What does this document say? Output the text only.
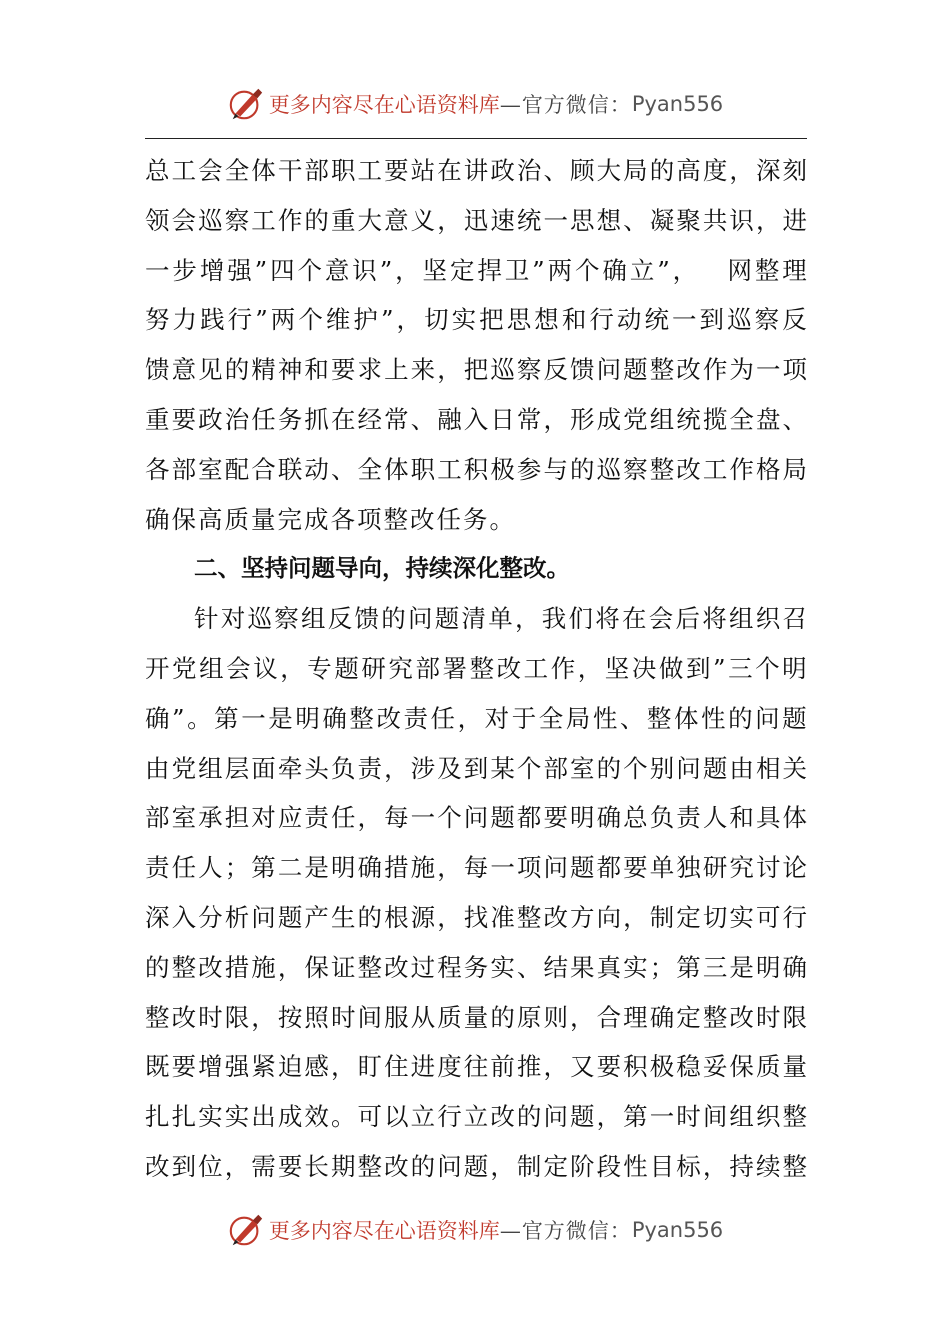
更多内容尽在心语资料库 —官方微信： Pyan556
总 工 会 全 体 干 部 职 工 要 站 在 讲 政 治 、 顾 大 局 的 高 度 ， 深 刻
领 会 巡 察 工 作 的 重 大 意 义 ， 迅 速 统 一 思 想 、 凝 聚 共 识 ， 进
一 步 增 强 ” 四 个 意 识 ” ， 坚 定 捍 卫 ” 两 个 确 立 ” ，
　 网 整 理
努 力 践 行 ” 两 个 维 护 ” ， 切 实 把 思 想 和 行 动 统 一 到 巡 察 反
馈 意 见 的 精 神 和 要 求 上 来 ， 把 巡 察 反 馈 问 题 整 改 作 为 一 项
重 要 政 治 任 务 抓 在 经 常 、 融 入 日 常 ， 形 成 党 组 统 揽 全 盘 、
各 部 室 配 合 联 动 、 全 体 职 工 积 极 参 与 的 巡 察 整 改 工 作 格 局
确保高质量完成各项整改任务。
二、坚持问题导向，持续深化整改。
针 对 巡 察 组 反 馈 的 问 题 清 单 ， 我 们 将 在 会 后 将 组 织 召
开 党 组 会 议 ， 专 题 研 究 部 署 整 改 工 作 ， 坚 决 做 到 ” 三 个 明
确 ” 。 第 一 是 明 确 整 改 责 任 ， 对 于 全 局 性 、 整 体 性 的 问 题
由 党 组 层 面 牵 头 负 责 ， 涉 及 到 某 个 部 室 的 个 别 问 题 由 相 关
部 室 承 担 对 应 责 任 ， 每 一 个 问 题 都 要 明 确 总 负 责 人 和 具 体
责 任 人 ； 第 二 是 明 确 措 施 ， 每 一 项 问 题 都 要 单 独 研 究 讨 论
深 入 分 析 问 题 产 生 的 根 源 ， 找 准 整 改 方 向 ， 制 定 切 实 可 行
的 整 改 措 施 ， 保 证 整 改 过 程 务 实 、 结 果 真 实 ； 第 三 是 明 确
整 改 时 限 ， 按 照 时 间 服 从 质 量 的 原 则 ， 合 理 确 定 整 改 时 限
既 要 增 强 紧 迫 感 ， 盯 住 进 度 往 前 推 ， 又 要 积 极 稳 妥 保 质 量
扎 扎 实 实 出 成 效 。 可 以 立 行 立 改 的 问 题 ， 第 一 时 间 组 织 整
改 到 位 ， 需 要 长 期 整 改 的 问 题 ， 制 定 阶 段 性 目 标 ， 持 续 整
更多内容尽在心语资料库 —官方微信： Pyan556
